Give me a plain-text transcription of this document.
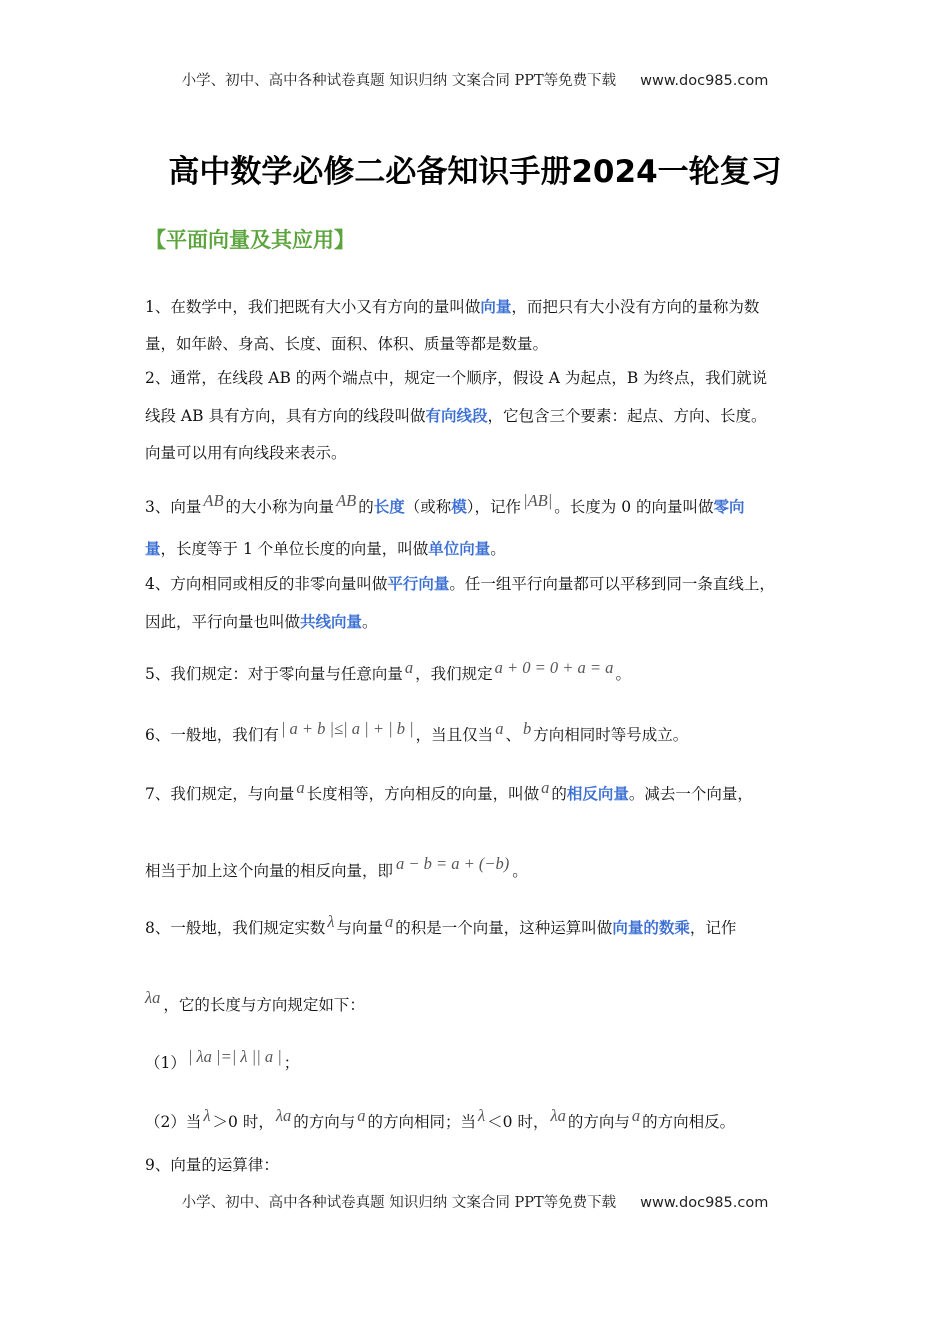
小学、初中、高中各种试卷真题 知识归纳 文案合同 PPT等免费下载 www.doc985.com
高中数学必修二必备知识手册2024一轮复习
【平面向量及其应用】
1、在数学中，我们把既有大小又有方向的量叫做向量，而把只有大小没有方向的量称为数
量，如年龄、身高、长度、面积、体积、质量等都是数量。
2、通常，在线段 AB 的两个端点中，规定一个顺序，假设 A 为起点，B 为终点，我们就说
线段 AB 具有方向，具有方向的线段叫做有向线段，它包含三个要素：起点、方向、长度。
向量可以用有向线段来表示。
3、向量 AB 的大小称为向量 AB 的长度（或称模），记作 |AB| 。长度为 0 的向量叫做零向
量，长度等于 1 个单位长度的向量，叫做单位向量。
4、方向相同或相反的非零向量叫做平行向量。任一组平行向量都可以平移到同一条直线上，
因此，平行向量也叫做共线向量。
5、我们规定：对于零向量与任意向量 a ，我们规定 a + 0 = 0 + a = a 。
6、一般地，我们有 | a + b |≤| a | + | b | ，当且仅当 a 、 b 方向相同时等号成立。
7、我们规定，与向量 a 长度相等，方向相反的向量，叫做 a 的相反向量。减去一个向量，
相当于加上这个向量的相反向量，即 a − b = a + (−b) 。
8、一般地，我们规定实数 λ 与向量 a 的积是一个向量，这种运算叫做向量的数乘，记作
λa ，它的长度与方向规定如下：
（1） | λa |=| λ || a | ；
（2）当 λ ＞0 时， λa 的方向与 a 的方向相同；当 λ ＜0 时， λa 的方向与 a 的方向相反。
9、向量的运算律：
小学、初中、高中各种试卷真题 知识归纳 文案合同 PPT等免费下载 www.doc985.com
